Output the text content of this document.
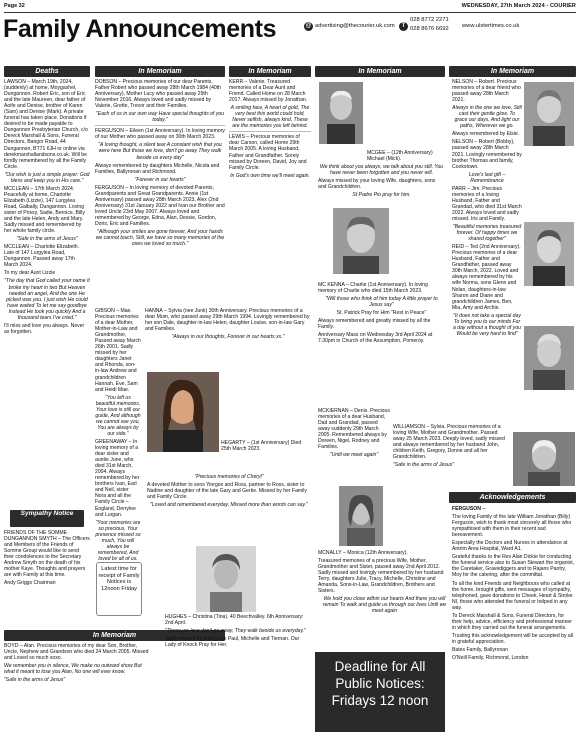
Page 32	WEDNESDAY, 27th March 2024 - COURIER
Family Announcements	@ advertising@thecourier.uk.com	T
028 8772 2271
028 8676 6692 www.ulstertimes.co.uk
Deaths

LAWSON – March 19th, 2024, (suddenly) at home, Moygashel, Dungannon. Robert Eric, son of Eric and the late Maureen, dear father of Aoife and Denise, brother of Karen (Sam) and Denise (Mark). A private funeral has taken place. Donations if desired to be made payable to Dungannon Presbyterian Church, c/o Dereck Marshall & Sons, Funeral Directors, Bangor Road, 44 Dungannon, BT71 6JH or online via derekmarshallandsons.co.uk. Will be fondly remembered by all the Family Circle.

"Our wish is just a simple prayer: God bless and keep you in His care."

MCCLEAN – 17th March 2024. Peacefully at home, Charlotte Elizabeth (Lizzie), 147 Lurgylea Road, Galbally, Dungannon. Loving sister of Prissy, Sadie, Bernice, Billy and the late Helen, Andy and Mary. Sadly missed and remembered by her whole family circle.

"Safe in the arms of Jesus"

MCCLEAN – Charlotte Elizabeth. Late of 147 Lurgylea Road, Dungannon. Passed away 17th March 2024.

To my dear Aunt Lizzie

"The day that God called your name It broke my heart in two But Heaven needed an angel, And the one He picked was you. I just wish He could have waited To let me say goodbye Instead He took you quickly And a thousand tears I've cried."

I'll miss and love you always. Never as forgotten.

Sympathy Notice

FRIENDS OF THE SOMME DUNGANNON SMYTH – The Officers and Members of the Friends of Somme Group would like to send their condolences to the Secretary Andrew Smyth on the death of his mother Kaye. Thoughts and prayers are with Family at this time.

Andy Griggs Chairman

In Memoriam

DOBSON – Precious memories of our dear Parents, Father Robert who passed away 28th March 1984 (40th Anniversary), Mother Lucy who passed away 29th November 2016. Always loved and sadly missed by Valerie, Grette, Trevor and their Families.

"Each of us in our own way Have special thoughts of you today."

FERGUSON – Eileen (1st Anniversary). In loving memory of our Mother who passed away on 30th March 2023.

"A loving thought, a silent tear A constant wish that you were here But those we love, don't go away They walk beside us every day"

Always remembered by daughters Michelle, Nicola and Families, Ballyronan and Richmond.

"Forever in our hearts"

FERGUSON – In loving memory of devoted Parents, Grandparents and Great Grandparents. Annie (1st Anniversary) passed away 28th March 2023, Alex (2nd Anniversary) 31st January 2022 and Ivan our Brother and loved Uncle 23rd May 2007. Always loved and remembered by George, Edna, Alan, Dessie, Gordon, Doris, Eric and Families.

"Although your smiles are gone forever, And your hands we cannot touch, Still, we have so many memories of the ones we loved so much."

GIBSON – Mae. Precious memories of a dear Mother, Mother-in-Law and Grandmother, Passed away March 26th 2001. Sadly missed by her daughters Janet and Rhonda, son-in-law Andrew and grandchildren Hannah, Eve, Sam and Heidi Mae.

"You left us beautiful memories, Your love is still our guide, And although we cannot see you, You are always by our side."

GREENAWAY – In loving memory of a dear sister and auntie June, who died 31st March, 2004. Always remembered by her brothers Ivan, Earl and Neil, sister Nora and all the Family Circle – England, Derrylee and Lurgan.

"Your memories are so precious, Your presence missed so much, You will always be remembered, And loved by all of us.

Latest time for receipt of Family Notices is 12noon Friday
In Memoriam

BOYD – Alan. Precious memories of my dear Son, Brother, Uncle, Nephew and Grandson who died 24 March 2005. Missed and Loved so much xoxo.

We remember you in silence, We make no outward show But what it meant to lose you Alan, No one will ever know.

"Safe in the arms of Jesus"

In Memoriam

KERR – Valerie. Treasured memories of a Dear Aunt and Friend. Called Home on 28 March 2017. Always missed by Jonathan.

A smiling face, A heart of gold, The very best this world could hold, Never selfish, always kind, These are the memories you left behind.

LEWIS – Precious memories of dear Carson, called Home 29th March 2005. A loving Husband, Father and Grandfather. Sorely missed by Doreen, David, Joy and Family Circle.

In God's own time we'll meet again.

HANNA – Sylvia (nee Junk) 30th Anniversary. Precious memories of a dear Mum, who passed away 29th March 1994. Lovingly remembered by her son Dale, daughter-in-law Helen, daughter Louise, son-in-law Gary and Families.

"Always in our thoughts, Forever in our hearts xx."

HEGARTY – (1st Anniversary) Died 25th March 2023.

"Precious memories of Cheryl"

A devoted Mother to sons Yiorgos and Ross, partner to Ross, sister to Nadine and daughter of the late Gary and Gertie. Missed by her Family and Family Circle.

"Loved and remembered everyday, Missed more than words can say."

HUGHES – Christina (Tina). 40 Beechvalley. 6th Anniversary: 2nd April.

"Those we love don't go away, They walk beside us everyday."

Sadly missed by loving son Paul, Michelle and Tiernan. Our Lady of Knock Pray for Her.

In Memoriam
MCGEE – (12th Anniversary) Michael (Mick).

We think about you always, we talk about you still. You have never been forgotten and you never will.

Always missed by your loving Wife, daughters, sons and Grandchildren.

St Padre Pio pray for him.

MC KENNA – Charlie (1st Anniversary). In loving memory of Charlie who died 15th March 2023.

"Will those who think of him today A little prayer to Jesus say"

St. Patrick Pray for Him "Rest in Peace"

Always remembered and greatly missed by all the Family.

Anniversary Mass on Wednesday 3rd April 2024 at 7.30pm in Church of the Assumption, Pomeroy.

MCKIERNAN – Denis. Precious memories of a dear Husband, Dad and Grandad, passed away suddenly 29th March 2005. Remembered always by Doreen, Nigel, Rodney and Families.

"Until we meet again"

WILLIAMSON – Sylvia. Precious memories of a loving Wife, Mother and Grandmother. Passed away 25 March 2023. Deeply loved, sadly missed and always remembered by her husband John, children Keith, Gregory, Donne and all her Grandchildren.

"Safe in the arms of Jesus"

MCNALLY – Monica (12th Anniversary).

Treasured memories of a precious Wife, Mother, Grandmother and Sister, passed away 2nd April 2012. Sadly missed and lovingly remembered by her husband Terry, daughters Julie, Tracy, Michelle, Christine and Amanda, Sons-in-Law, Grandchildren, Brothers and Sisters.

We hold you close within our hearts And there you will remain To walk and guide us through our lives Until we meet again

Deadline for All Public Notices: Fridays 12 noon
In Memoriam

NELSON – Robert. Precious memories of a dear friend who passed away 28th March 2021.

Always in the one we love, Still cast their gentle glow, To grace our days, And light our paths, Wherever we go.

Always remembered by Elsie.

NELSON – Robert (Bobby), passed away 28th March 2021. Lovingly remembered by brother Thomas and family, Cookstown.

Love's last gift – Remembrance

PARR – Jim. Precious memories of a loving Husband, Father and Grandad, who died 31st March 2022. Always loved and sadly missed. Iris and Family.

"Beautiful memories treasured forever. Of happy times we shared together"

REID – Ted (2nd Anniversary). Precious memories of a dear Husband, Father and Grandfather, passed away 30th March, 2022. Loved and always remembered by his wife Norma, sons Glenn and Nolan, daughters-in-law Sharon and Diane and grandchildren James, Ben, Mia, Amy and Archie.

"It does not take a special day To bring you to our minds For a day without a thought of you Would be very hard to find"

Acknowledgements

FERGUSON –

The loving Family of the late William Jonathan (Billy) Ferguson, wish to thank most sincerely all those who sympathised with them in their recent sad bereavement.

Especially the Doctors and Nurses in attendance at Antrim Area Hospital, Ward A1.

Grateful thanks to the Rev Alan Dickie for conducting the funeral service also to Susan Stewart the organist, the Caretaker, Gravediggers and to Rajans Pantry, Moy for the catering, after the committal.

To all the kind Friends and Neighbours who called at the home, brought gifts, sent messages of sympathy, telephoned, gave donations to Cheek, Heart & Stroke NI, those who attended the funeral or helped in any way.

To Dereck Marshall & Sons, Funeral Directors, for their help, advice, efficiency and professional manner in which they carried out the funeral arrangements.

Trusting this acknowledgement will be accepted by all in grateful appreciation.

Bates Family, Ballyronan

O'Neill Family, Richmond, London
